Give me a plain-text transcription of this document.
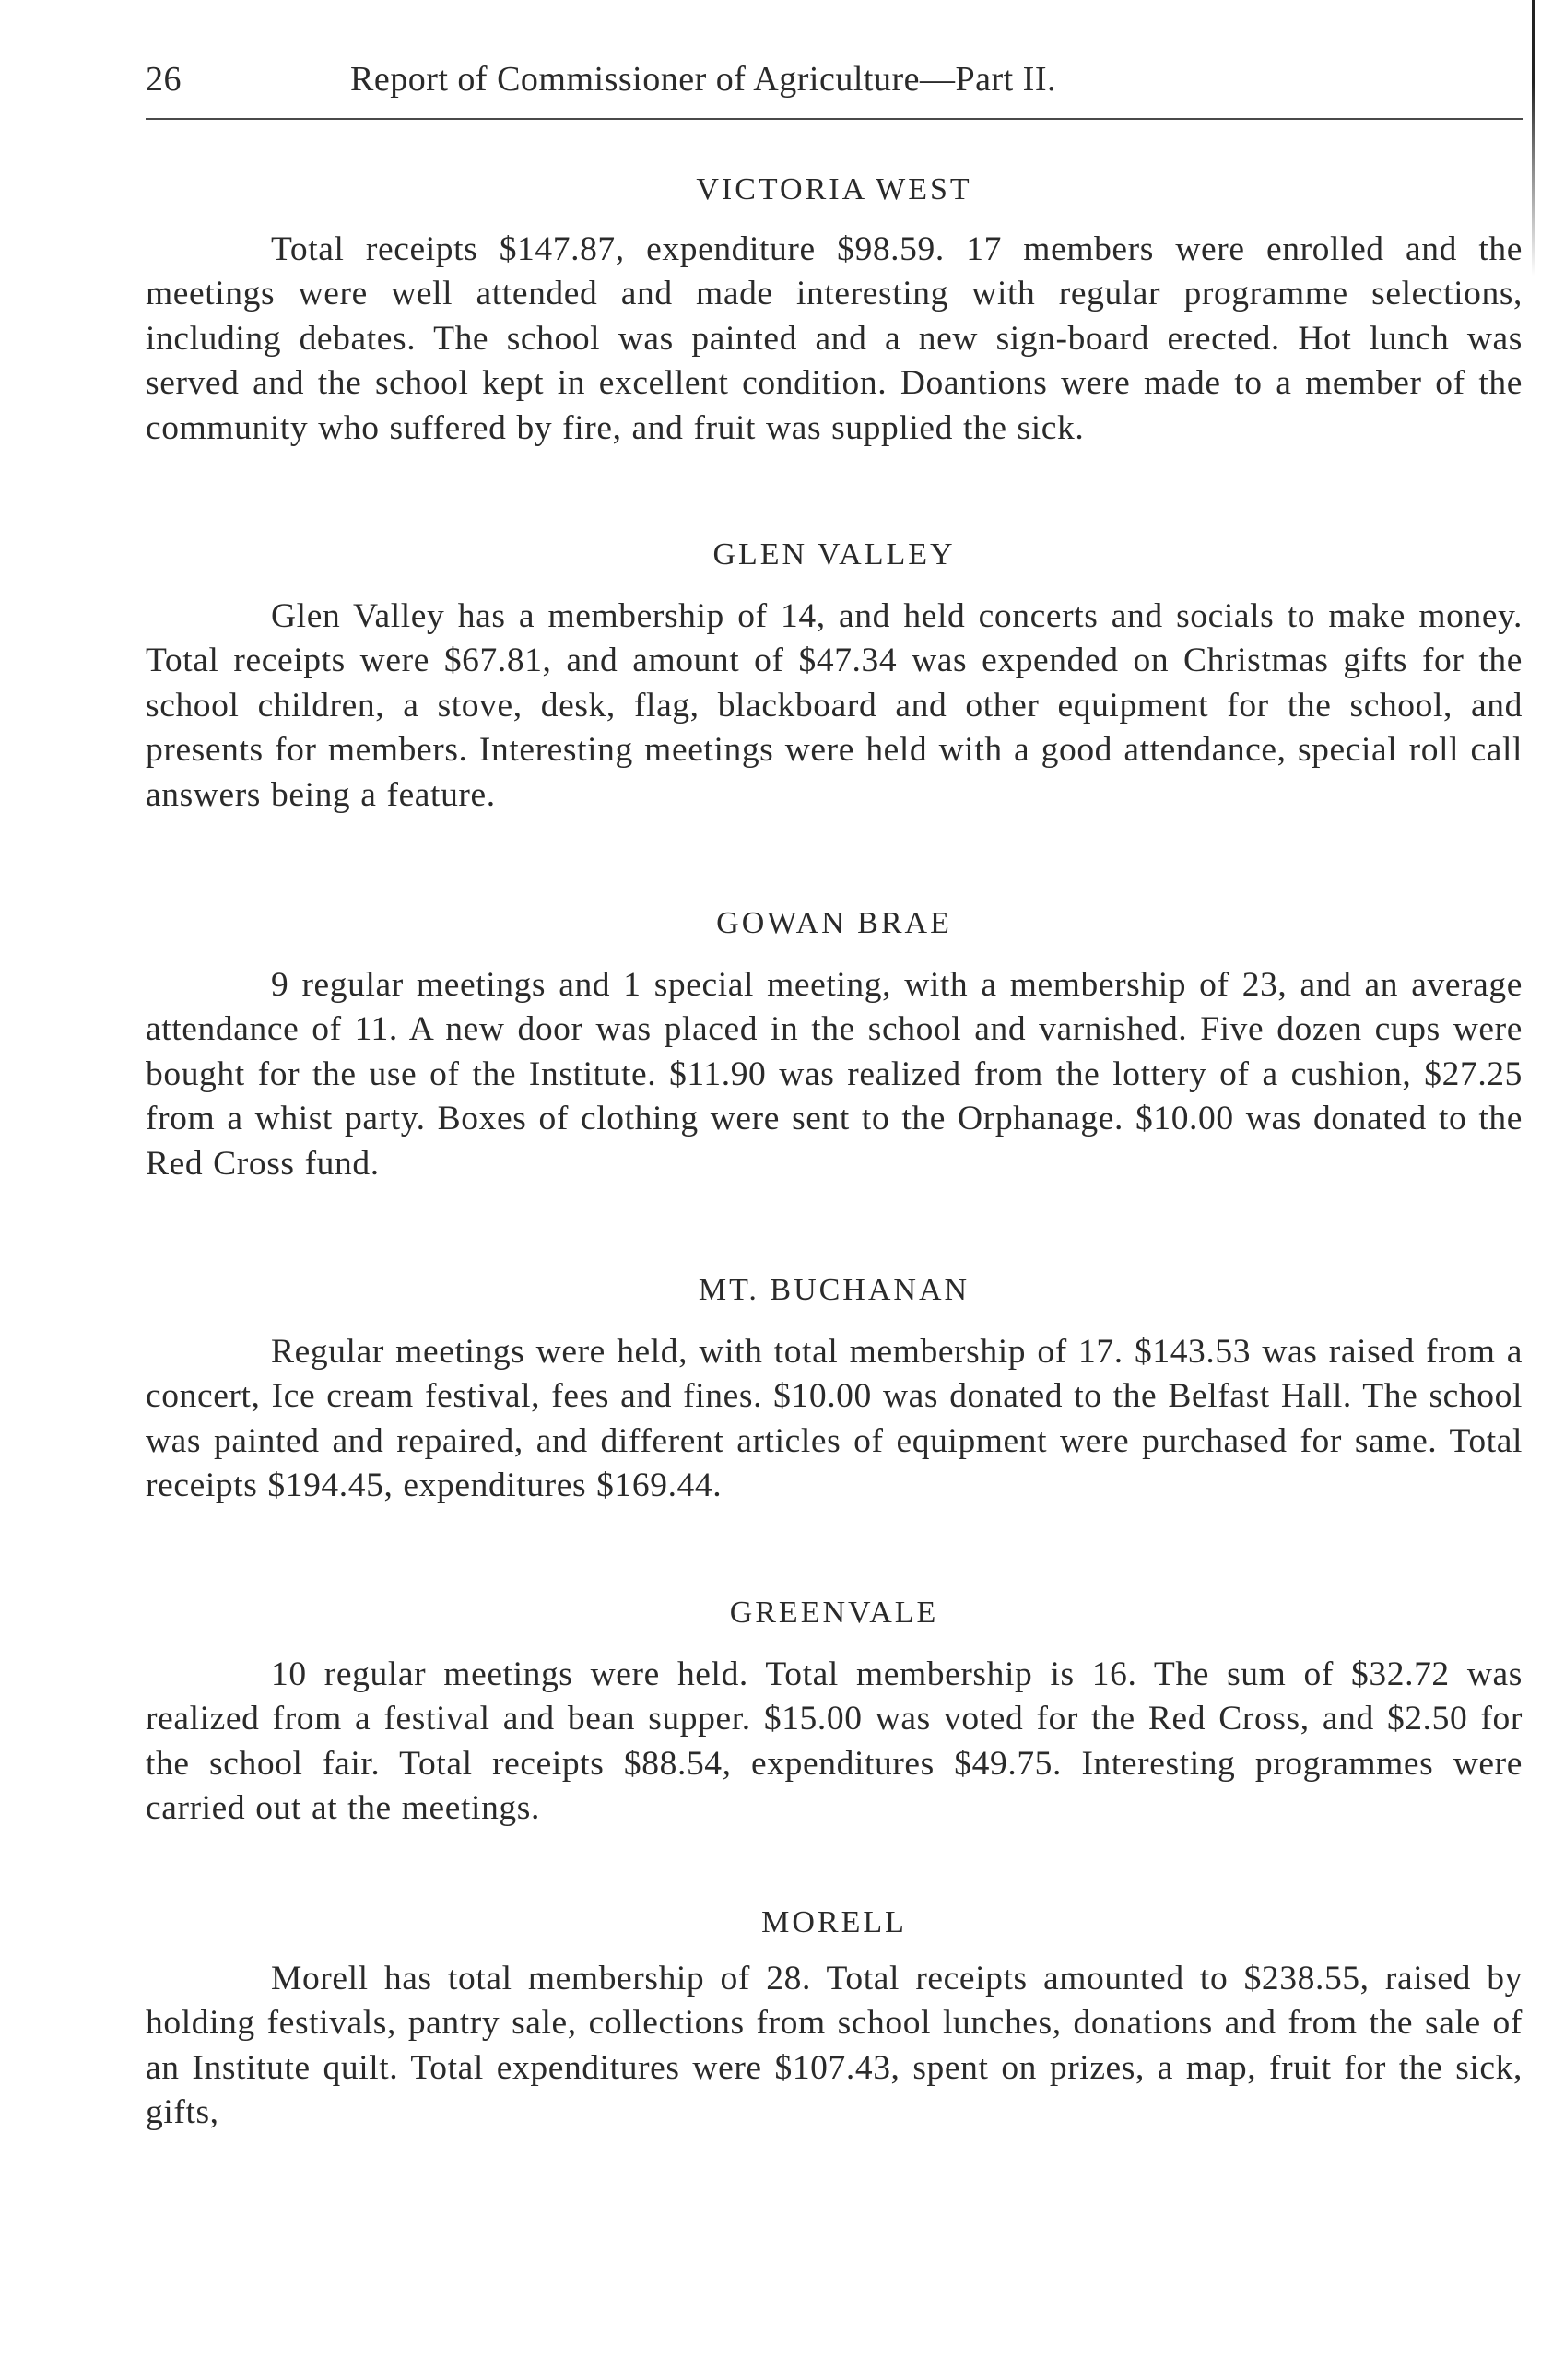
26	Report of Commissioner of Agriculture—Part II.
VICTORIA WEST

Total receipts $147.87, expenditure $98.59. 17 members were enrolled and the meetings were well attended and made interesting with regular programme selections, including debates. The school was painted and a new sign-board erected. Hot lunch was served and the school kept in excellent condition. Doantions were made to a member of the community who suffered by fire, and fruit was supplied the sick.

GLEN VALLEY

Glen Valley has a membership of 14, and held concerts and socials to make money. Total receipts were $67.81, and amount of $47.34 was expended on Christmas gifts for the school children, a stove, desk, flag, blackboard and other equipment for the school, and presents for members. Interesting meetings were held with a good attendance, special roll call answers being a feature.

GOWAN BRAE

9 regular meetings and 1 special meeting, with a membership of 23, and an average attendance of 11. A new door was placed in the school and varnished. Five dozen cups were bought for the use of the Institute. $11.90 was realized from the lottery of a cushion, $27.25 from a whist party. Boxes of clothing were sent to the Orphanage. $10.00 was donated to the Red Cross fund.

MT. BUCHANAN

Regular meetings were held, with total membership of 17. $143.53 was raised from a concert, Ice cream festival, fees and fines. $10.00 was donated to the Belfast Hall. The school was painted and repaired, and different articles of equipment were purchased for same. Total receipts $194.45, expenditures $169.44.

GREENVALE

10 regular meetings were held. Total membership is 16. The sum of $32.72 was realized from a festival and bean supper. $15.00 was voted for the Red Cross, and $2.50 for the school fair. Total receipts $88.54, expenditures $49.75. Interesting programmes were carried out at the meetings.

MORELL

Morell has total membership of 28. Total receipts amounted to $238.55, raised by holding festivals, pantry sale, collections from school lunches, donations and from the sale of an Institute quilt. Total expenditures were $107.43, spent on prizes, a map, fruit for the sick, gifts,
